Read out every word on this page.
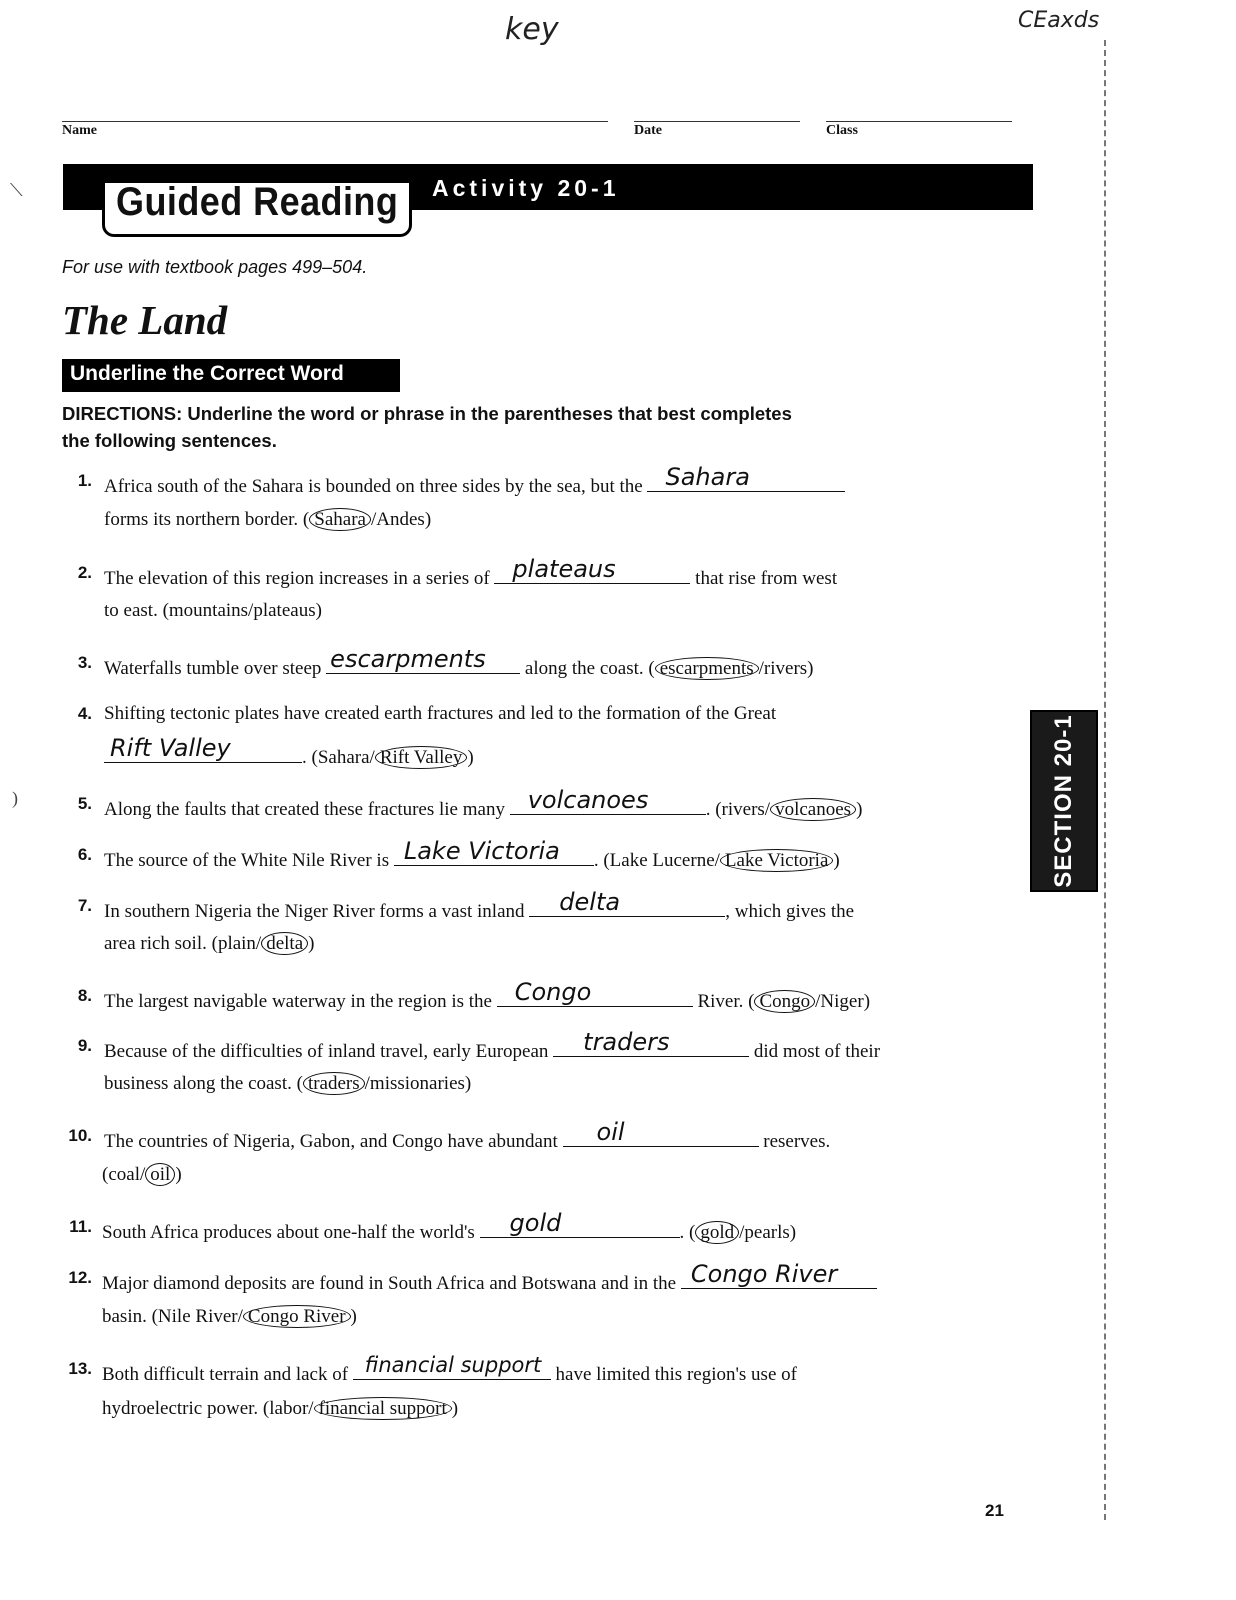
key	CEaxds
Name	Date	Class
Guided Reading Activity 20-1
For use with textbook pages 499–504.
The Land
Underline the Correct Word
DIRECTIONS: Underline the word or phrase in the parentheses that best completes the following sentences.
1. Africa south of the Sahara is bounded on three sides by the sea, but the Sahara
forms its northern border. ( Sahara /Andes)
2. The elevation of this region increases in a series of plateaus	that rise from west
to east. (mountains/plateaus)
3. Waterfalls tumble over steep escarpments along the coast. ( escarpments /rivers)
4. Shifting tectonic plates have created earth fractures and led to the formation of the Great
Rift Valley	. (Sahara/ Rift Valley )
5. Along the faults that created these fractures lie many volcanoes	. (rivers/ volcanoes )
6. The source of the White Nile River is Lake Victoria . (Lake Lucerne/ Lake Victoria )
7. In southern Nigeria the Niger River forms a vast inland delta	, which gives the
area rich soil. (plain/ delta )
8. The largest navigable waterway in the region is the Congo	River. ( Congo /Niger)
9. Because of the difficulties of inland travel, early European traders	did most of their
business along the coast. ( traders /missionaries)
10. The countries of Nigeria, Gabon, and Congo have abundant oil	reserves.
(coal/ oil )
11. South Africa produces about one-half the world's gold	. ( gold /pearls)
12. Major diamond deposits are found in South Africa and Botswana and in the Congo River
basin. (Nile River/ Congo River )
13. Both difficult terrain and lack of financial support have limited this region's use of
hydroelectric power. (labor/ financial support )
SECTION 20-1
⟍
)
21
